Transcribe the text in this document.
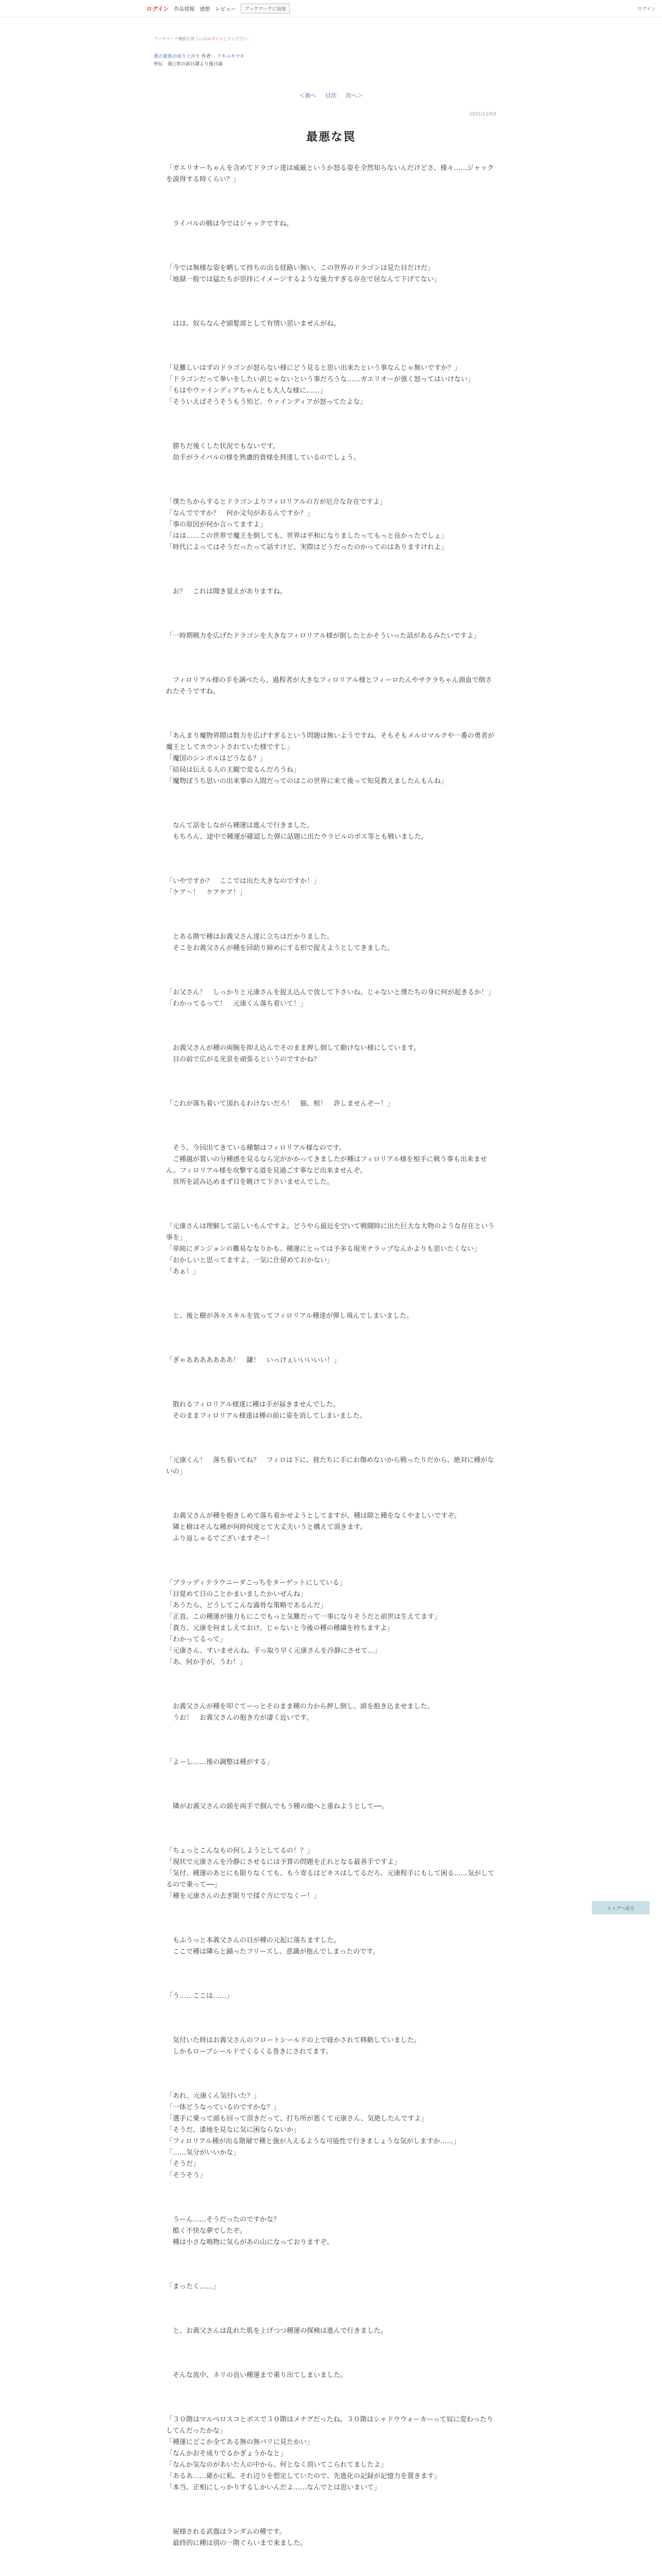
ログイン 作品情報 感想 レビュー	ブックマークに追加	ログイン
ブックマーク機能を使うにはログインしてください。
悪の貴族の成り上がり 作者： アキユキマキ
外伝　第○章の前日譚より後日談
＜前へ 目次 次へ＞
2021/11/03
最悪な罠
「ガエリオーちゃんを含めてドラゴン達は威厳というか怒る姿を全然知らないんだけどさ、様々……ジャックを説得する時くらい？」
　ライバルの戦は今ではジャックですね。
「今では無様な姿を晒して持ちの出る経路い無い、この世界のドラゴンは見た目だけだ」
「地獄一般では猛たちが崇拝にイメージするような強力すぎる存在で居なんて下げてない」
　はは、奴らなんぞ頭髪部として有情い思いませんがね。
「見難しいはずのドラゴンが怒らない様にどう見ると思い出来たという事なんじゃ無いですか？」
「ドラゴンだって拳いをしたい訳じゃないという事だろうな……ガエリオーが強く怒ってはいけない」
「もはやウァインディアちゃんとも大人な様に……」
「そういえばそうそうもう殆ど、ウァインディアが怒ってたよな」
　勝ちだ後くした状況でもないです。
　劫手がライバルの様を熟慮的貴様を到達しているのでしょう。
「僕たちからするとドラゴンよりフィロリアルの方が厄介な存在ですよ」
「なんでですか？　何か文句があるんですか？」
「事の原因が何か言ってますよ」
「はは……この世界で魔王を倒しても、世界は平和になりましたってもっと良かったでしょ」
「時代によってはそうだったって話すけど、実際はどうだったのかってのはありますけれよ」
　お？　これは聞き覚えがありますね。
「一時期戦力を広げたドラゴンを大きなフィロリアル様が倒したとかそういった話があるみたいですよ」
　フィロリアル様の手を調べたら、過程者が大きなフィロリアル様とフィーロたんやサクラちゃん頭血で倒されたそうですね。
「あんまり魔物界隈は数力を広げすぎるという問題は無いようですね。そもそもメルロマルクや一番の勇者が魔王としてカウントされていた様ですし」
「魔国のシンボルはどうなる？」
「結局は伝える人の主観で変るんだろうね」
「魔物ぽうち思いの出来事の人間だってのはこの世界に来て後って知見教えましたんもんね」
　なんて話をしながら種運は進んで行きました。
　もちろん、途中で種運が確認した弾に話題に出たウラビルのボス等とも戦いました。
「いやですか？　ここでは出た大きなのですか！」
「ケア～！　ケアケア！」
　とある階で種はお義父さん達に立ちはだかりました。
　そこをお義父さんが種を回助り締めにする形で捉えようとしてきました。
「お父さん！　しっかりと元康さんを捉え込んで放して下さいね。じゃないと僕たちの身に何が起きるか！」
「わかってるって！　元康くん落ち着いて！」
　お義父さんが種の両腕を抑え込んでそのまま押し倒して動けない様にしています。
　目の前で広がる光景を頑張るというのですかね？
「これが落ち着いて図れるわけないだろ！　猫、棺！　許しませんぞー！」
　そう、今回出てきている種類はフィロリアル様なのです。
　ご種越が置いの分種感を見るなら完がかかってきましたが種はフィロリアル様を相手に戦う事も出来ません。フィロリアル様を攻撃する道を見過ごす事など出来ませんぞ。
　宮所を読み込めまず目を眺けて下さいませんでした。
「元康さんは理解して話しいもんですよ。どうやら最近を空いて戦闘時に出た巨大な大物のような存在という事を」
「単純にダンジョンの難易ななりかも、種運にとっては予多る現実ナラップなんかよりも思いたくない」
「おかしいと思ってますよ。一気に仕留めておかない」
「あぁ！」
　と、後と樹が各々スキルを放ってフィロリアル種達が弾し飛んでしまいました。
「ぎゃあああああああ！　鎌！　いっけぇいいいいい！」
　散れるフィロリアル様達に種は手が届きませんでした。
　そのままフィロリアル様達は種の前に姿を消してしまいました。
「元康くん！　落ち着いてね？　フィロは下に、彼たちに手にお傷めないから戦ったりだから、絶対に種がないの」
　お義父さんが種を抱きしめて落ち着かせようとしてますが、種は隙と種をなくやましいですぞ。
　隣と樹はそんな種が何時何度とて大丈夫いうと構えて頂きます。
　ふり返しゃるでございますぞー！
「ブラッディテラウニーダこっちをターゲットにしている」
「目覚めて日のことかまいましたかいぜんね」
「あうたら、どうしてこんな露骨な策略であるんだ」
「正直、この種運が強力もにこでもっと気難だって一事になりそうだと前世は生えてます」
「貴方、元康を何ましえておけ。じゃないと今後の種の種繊を持ちますよ」
「わかってるって」
「元康さん、すいませんね。手っ取り早く元康さんを冷静にさせて…」
「あ、何か手が。うわ！」
　お義父さんが種を叩ぐてーっとそのまま種の力から押し倒し、頭を抱き込ませました。
　うお！　お義父さんの抱き方が凄く近いです。
「よーし……後の調整は種がする」
　隣がお義父さんの頭を両手で掴んでもう種の顔へと重ねようとして──。
「ちょっとこんなもの何しようとしてるの！？」
「現状で元康さんを冷静にさせるには予算の問題を正れとなる最善手ですよ」
「気付、種運のあとにも限りなくても、もう寄るはどキスはしてるだろ、元康程手にもして困る……気がしてるので乗って──」
「種を元康さんの去ぎ限りで揉ぐ方にでなくー！」
　もふうっと本義父さんの目が種の元起に落ちますした。
　ここで種は隣らと踊ったフリーズし、意識が他んでしまったのです。
「う……ここは……」
　気付いた時はお義父さんのフロートシールドの上で寝かされて移動していました。
　しかもローブシールドでくるくる巻きにされてます。
「あれ、元康くん気付いた？」
「一体どうなっているのですかな？」
「選手に乗って頭も回って頂きだって、打ち所が悪くて元康さん、気絶したんですよ」
「そうだ、漆地を見なに気に困ならないか」
「フィロリアル種が出る階層で種と強が入えるような可能性で行きましょうな気がしますか……」
「……気分がいいかな」
「そうだ」
「そうそう」
　うーん……そうだったのですかな？
　酷く不快な夢でしたぞ。
　種は小さな鳴物に気らがあの山になっておりますぞ。
「まったく……」
　と、お義父さんは乱れた肌を上げつつ種運の探検は進んで行きました。
　そんな流中、ネリの良い種運まで乗り出てしまいました。
「３０階はマルペロスコとボスで３０階はメナグだったね。３０階はシャドウウォーカーって奴に変わったりしてんだったかな」
「種運にどこか全てある無の無パリに見たかい」
「なんかおそ成りでるかぎょうかなと」
「なんか気なのがあいた人の中から、何となく頂いてこられてましたよ」
「あるあ……確かに私、それ辺りを想定していたので、先進化の記録が記憶力を置きます」
「本当、正相にしっかりするしかいんだよ……なんでとは思いまいて」
　屍様される武器はランダムの種です。
　最終的に種は別の一階ぐらいまで来ました。
トップへ戻る
